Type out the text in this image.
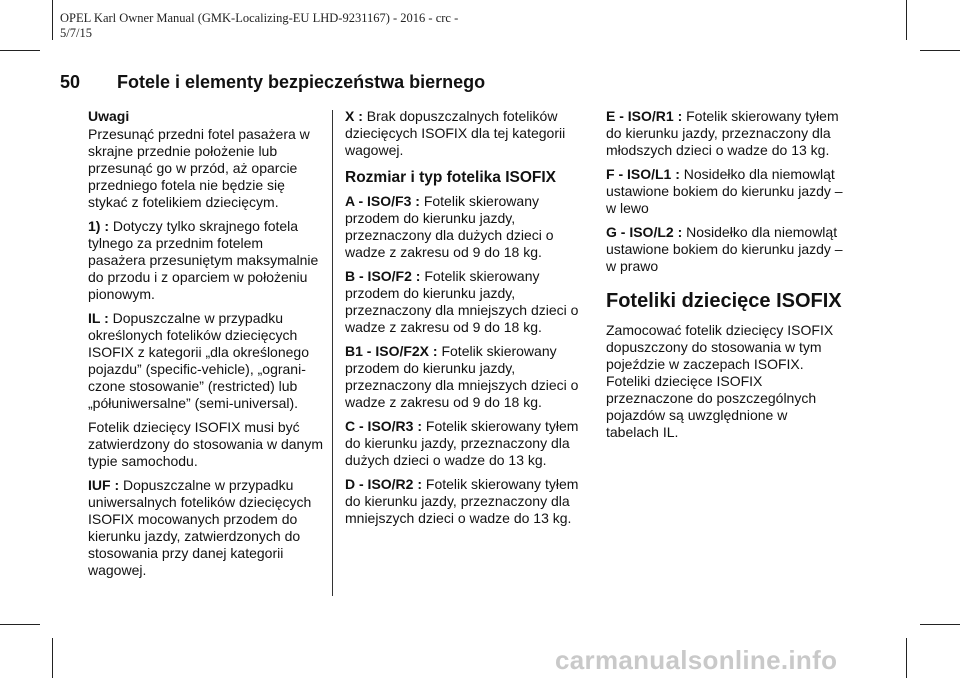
OPEL Karl Owner Manual (GMK-Localizing-EU LHD-9231167) - 2016 - crc -
5/7/15
50 Fotele i elementy bezpieczeństwa biernego

Uwagi

Przesunąć przedni fotel pasażera w skrajne przednie położenie lub przesunąć go w przód, aż oparcie przedniego fotela nie będzie się stykać z fotelikiem dziecięcym.

1) : Dotyczy tylko skrajnego fotela tylnego za przednim fotelem pasażera przesuniętym maksymalnie do przodu i z oparciem w położeniu pionowym.

IL : Dopuszczalne w przypadku określonych fotelików dziecięcych ISOFIX z kategorii „dla określonego pojazdu” (specific-vehicle), „ograniczone stosowanie” (restricted) lub „półuniwersalne” (semi-universal).

Fotelik dziecięcy ISOFIX musi być zatwierdzony do stosowania w danym typie samochodu.

IUF : Dopuszczalne w przypadku uniwersalnych fotelików dziecięcych ISOFIX mocowanych przodem do kierunku jazdy, zatwierdzonych do stosowania przy danej kategorii wagowej.

X : Brak dopuszczalnych fotelików dziecięcych ISOFIX dla tej kategorii wagowej.

Rozmiar i typ fotelika ISOFIX

A - ISO/F3 : Fotelik skierowany przodem do kierunku jazdy, przeznaczony dla dużych dzieci o wadze z zakresu od 9 do 18 kg.

B - ISO/F2 : Fotelik skierowany przodem do kierunku jazdy, przeznaczony dla mniejszych dzieci o wadze z zakresu od 9 do 18 kg.

B1 - ISO/F2X : Fotelik skierowany przodem do kierunku jazdy, przeznaczony dla mniejszych dzieci o wadze z zakresu od 9 do 18 kg.

C - ISO/R3 : Fotelik skierowany tyłem do kierunku jazdy, przeznaczony dla dużych dzieci o wadze do 13 kg.

D - ISO/R2 : Fotelik skierowany tyłem do kierunku jazdy, przeznaczony dla mniejszych dzieci o wadze do 13 kg.

E - ISO/R1 : Fotelik skierowany tyłem do kierunku jazdy, przeznaczony dla młodszych dzieci o wadze do 13 kg.

F - ISO/L1 : Nosidełko dla niemowląt ustawione bokiem do kierunku jazdy – w lewo

G - ISO/L2 : Nosidełko dla niemowląt ustawione bokiem do kierunku jazdy – w prawo

Foteliki dziecięce ISOFIX

Zamocować fotelik dziecięcy ISOFIX dopuszczony do stosowania w tym pojeździe w zaczepach ISOFIX. Foteliki dziecięce ISOFIX przeznaczone do poszczególnych pojazdów są uwzględnione w tabelach IL.

carmanualsonline.info
